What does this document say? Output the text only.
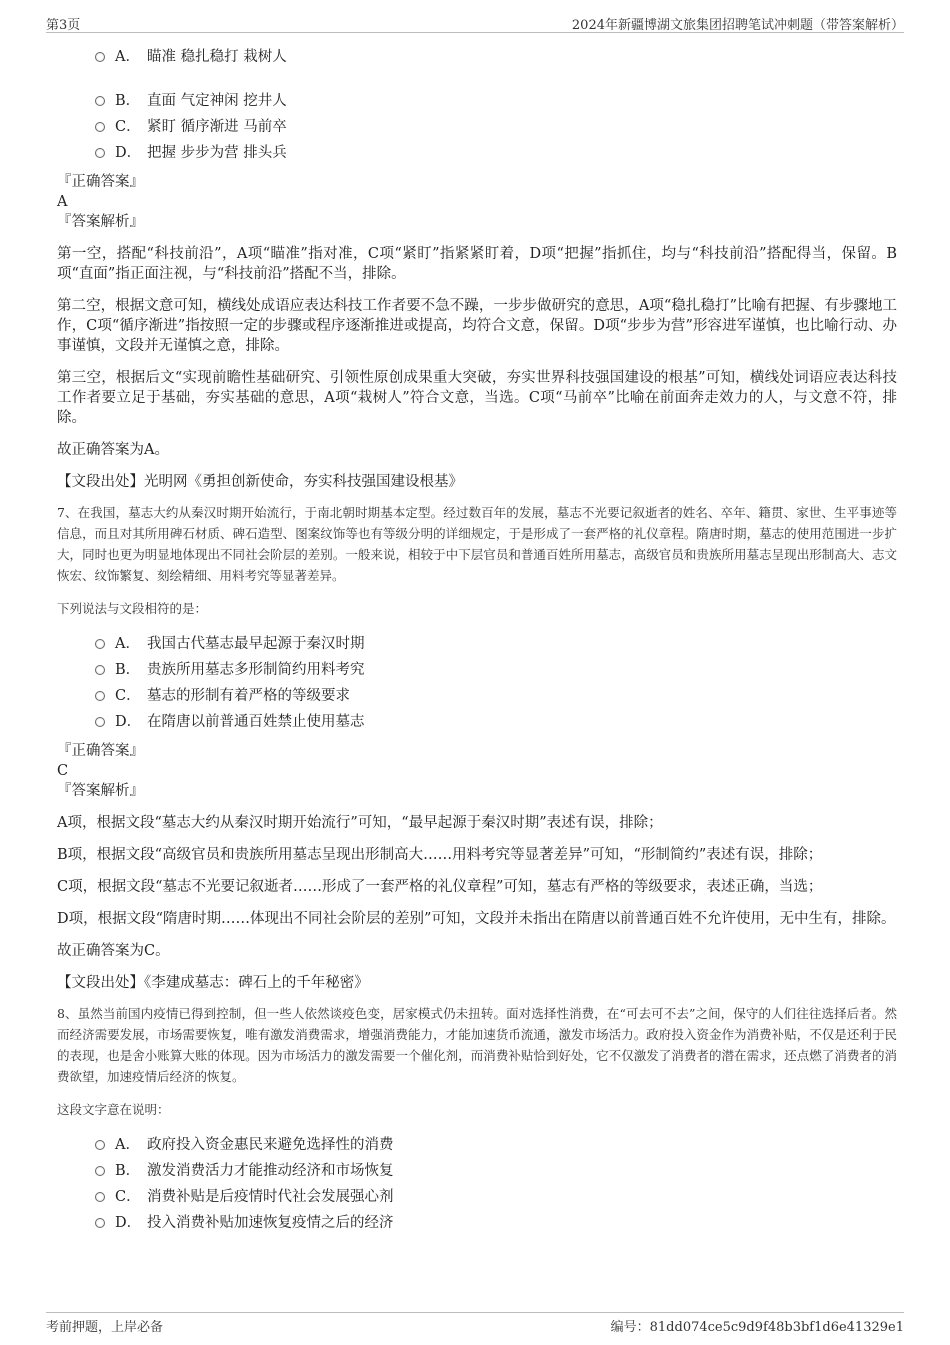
第3页	2024年新疆博湖文旅集团招聘笔试冲刺题（带答案解析）
A． 瞄准 稳扎稳打 栽树人
B． 直面 气定神闲 挖井人
C． 紧盯 循序渐进 马前卒
D． 把握 步步为营 排头兵

『正确答案』

A

『答案解析』

第一空，搭配“科技前沿”，A项“瞄准”指对准，C项“紧盯”指紧紧盯着，D项“把握”指抓住，均与“科技前沿”搭配得当，保留。B项“直面”指正面注视，与“科技前沿”搭配不当，排除。

第二空，根据文意可知，横线处成语应表达科技工作者要不急不躁，一步步做研究的意思，A项“稳扎稳打”比喻有把握、有步骤地工作，C项“循序渐进”指按照一定的步骤或程序逐渐推进或提高，均符合文意，保留。D项“步步为营”形容进军谨慎，也比喻行动、办事谨慎，文段并无谨慎之意，排除。

第三空，根据后文“实现前瞻性基础研究、引领性原创成果重大突破，夯实世界科技强国建设的根基”可知，横线处词语应表达科技工作者要立足于基础，夯实基础的意思，A项“栽树人”符合文意，当选。C项“马前卒”比喻在前面奔走效力的人，与文意不符，排除。

故正确答案为A。

【文段出处】光明网《勇担创新使命，夯实科技强国建设根基》

7、在我国，墓志大约从秦汉时期开始流行，于南北朝时期基本定型。经过数百年的发展，墓志不光要记叙逝者的姓名、卒年、籍贯、家世、生平事迹等信息，而且对其所用碑石材质、碑石造型、图案纹饰等也有等级分明的详细规定，于是形成了一套严格的礼仪章程。隋唐时期，墓志的使用范围进一步扩大，同时也更为明显地体现出不同社会阶层的差别。一般来说，相较于中下层官员和普通百姓所用墓志，高级官员和贵族所用墓志呈现出形制高大、志文恢宏、纹饰繁复、刻绘精细、用料考究等显著差异。

下列说法与文段相符的是：

A． 我国古代墓志最早起源于秦汉时期
B． 贵族所用墓志多形制简约用料考究
C． 墓志的形制有着严格的等级要求
D． 在隋唐以前普通百姓禁止使用墓志

『正确答案』

C

『答案解析』

A项，根据文段“墓志大约从秦汉时期开始流行”可知，“最早起源于秦汉时期”表述有误，排除；

B项，根据文段“高级官员和贵族所用墓志呈现出形制高大……用料考究等显著差异”可知，“形制简约”表述有误，排除；

C项，根据文段“墓志不光要记叙逝者……形成了一套严格的礼仪章程”可知，墓志有严格的等级要求，表述正确，当选；

D项，根据文段“隋唐时期……体现出不同社会阶层的差别”可知，文段并未指出在隋唐以前普通百姓不允许使用，无中生有，排除。

故正确答案为C。

【文段出处】《李建成墓志：碑石上的千年秘密》

8、虽然当前国内疫情已得到控制，但一些人依然谈疫色变，居家模式仍未扭转。面对选择性消费，在“可去可不去”之间，保守的人们往往选择后者。然而经济需要发展，市场需要恢复，唯有激发消费需求，增强消费能力，才能加速货币流通，激发市场活力。政府投入资金作为消费补贴，不仅是还利于民的表现，也是舍小账算大账的体现。因为市场活力的激发需要一个催化剂，而消费补贴恰到好处，它不仅激发了消费者的潜在需求，还点燃了消费者的消费欲望，加速疫情后经济的恢复。

这段文字意在说明：

A． 政府投入资金惠民来避免选择性的消费
B． 激发消费活力才能推动经济和市场恢复
C． 消费补贴是后疫情时代社会发展强心剂
D． 投入消费补贴加速恢复疫情之后的经济
考前押题，上岸必备	编号：81dd074ce5c9d9f48b3bf1d6e41329e1
